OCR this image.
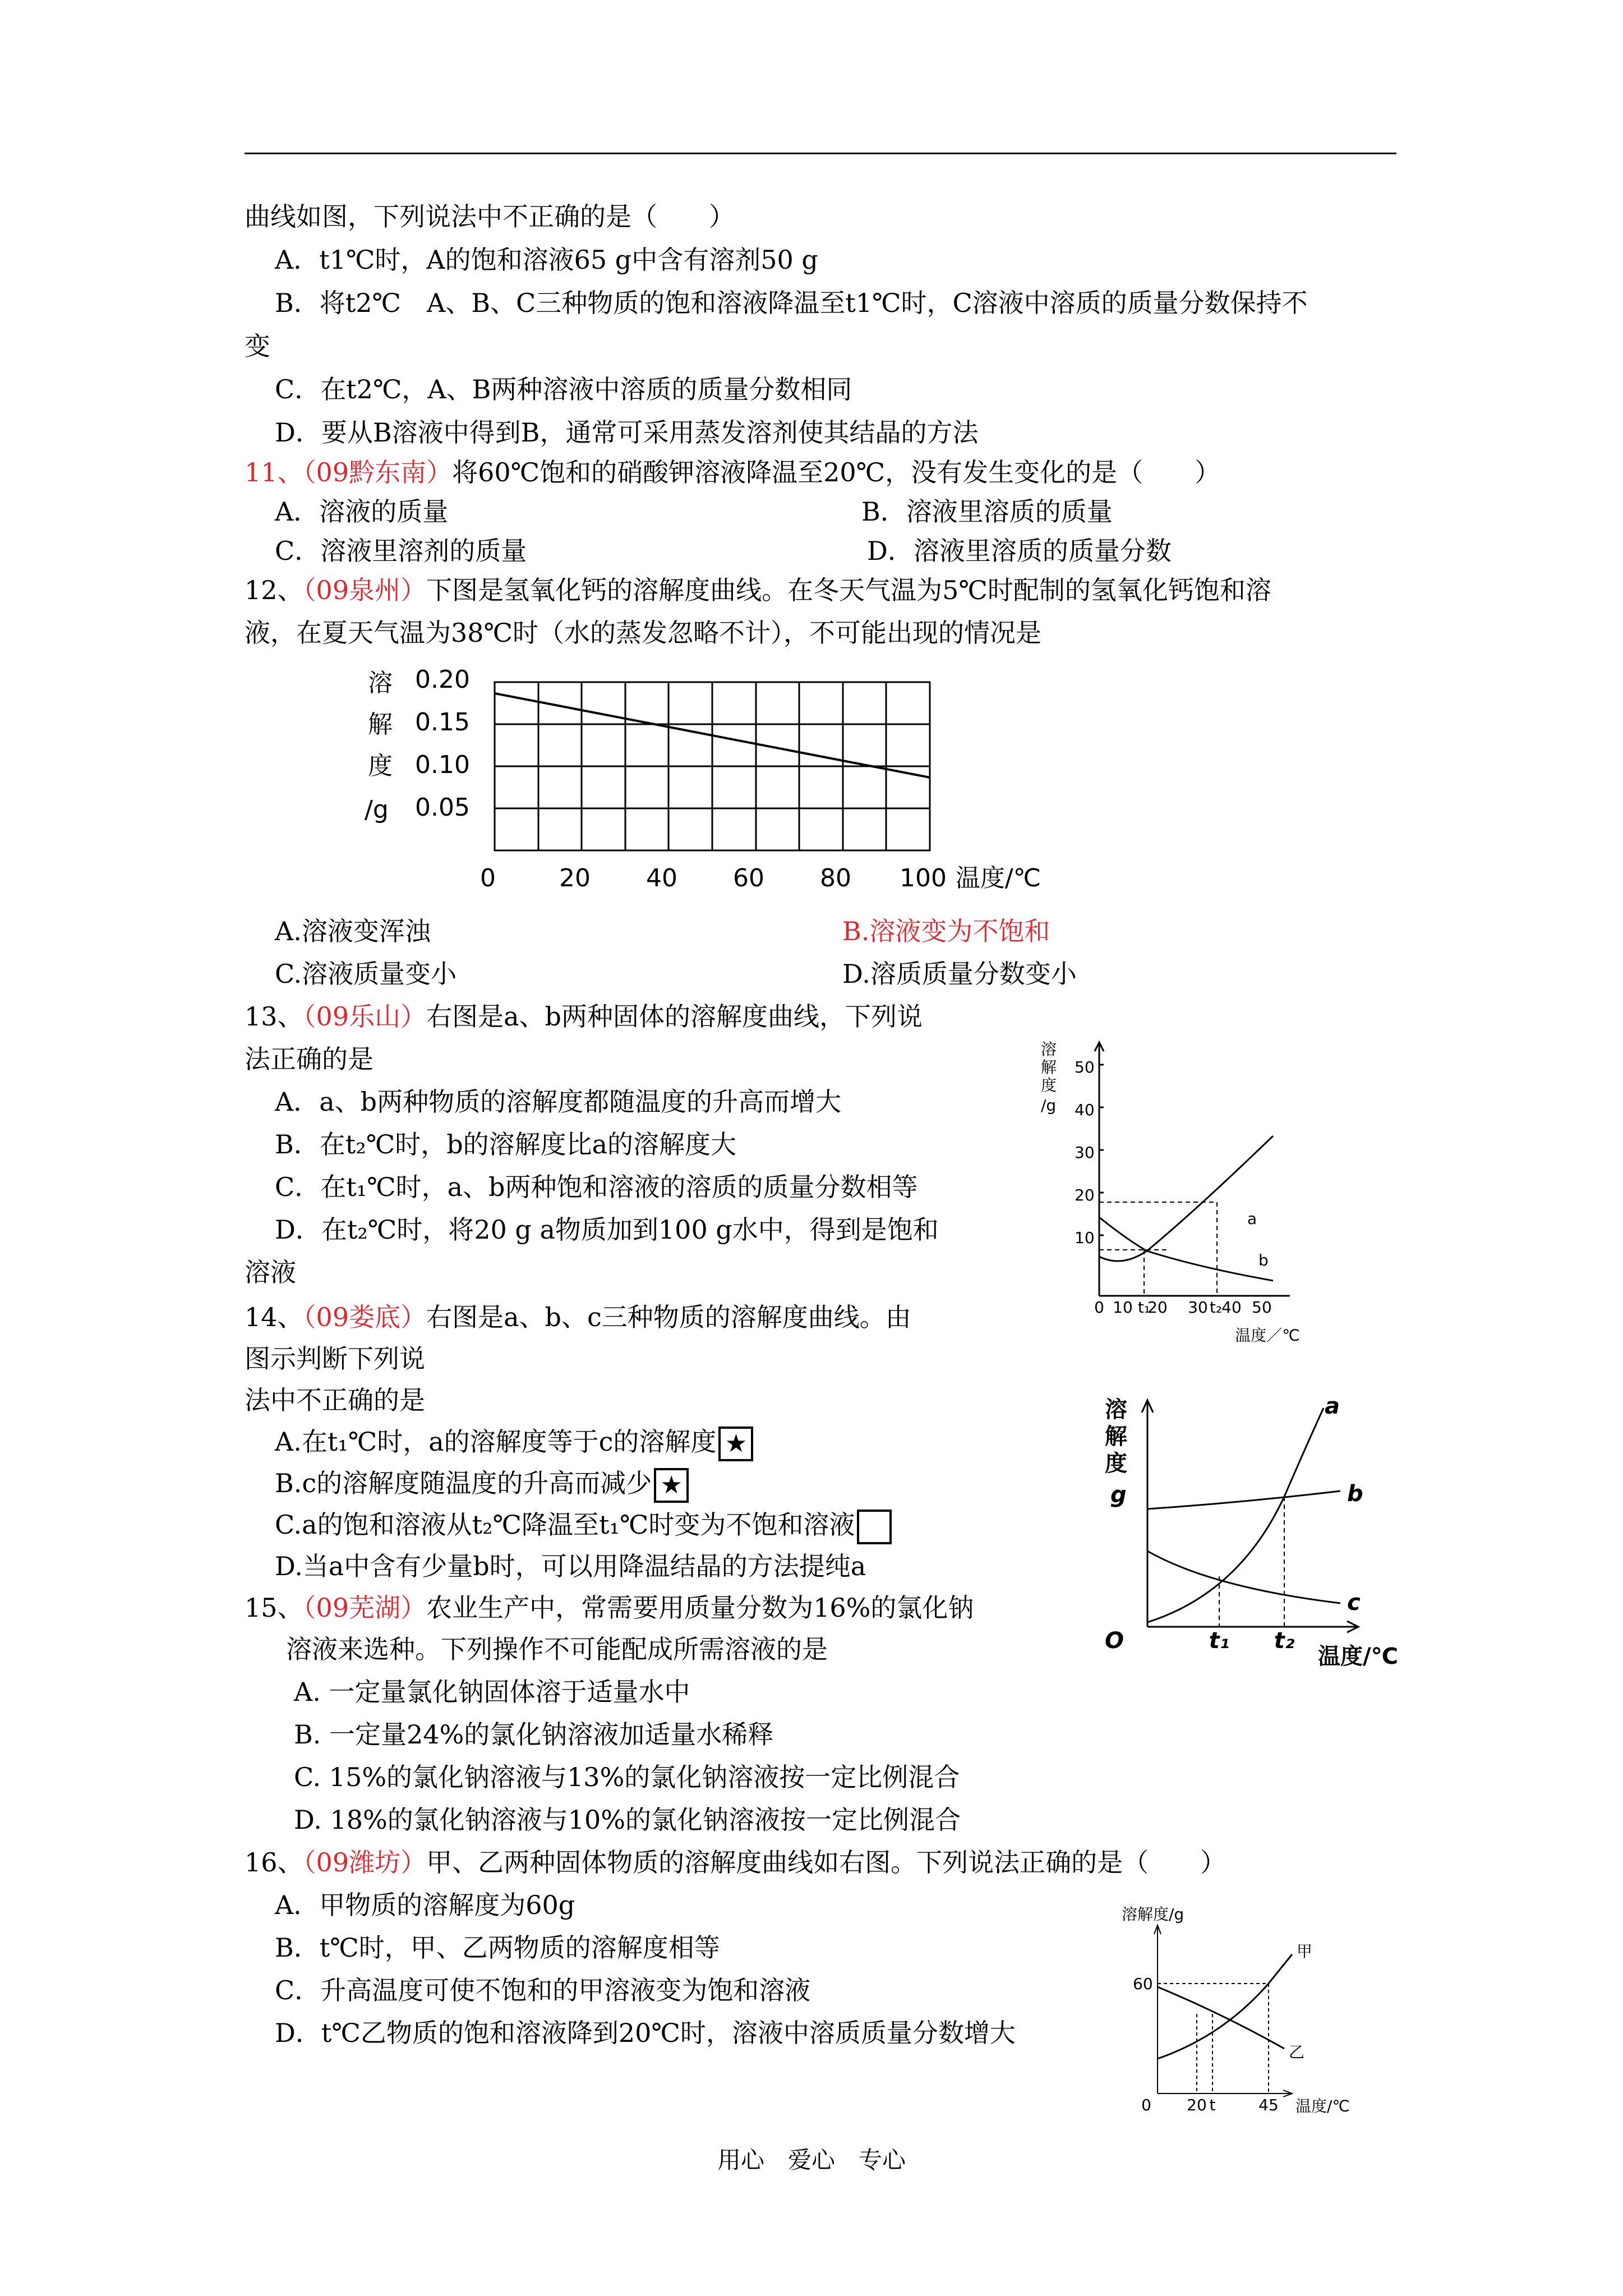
曲线如图，下列说法中不正确的是（　　）
A．t1℃时，A的饱和溶液65 g中含有溶剂50 g
B．将t2℃　A、B、C三种物质的饱和溶液降温至t1℃时，C溶液中溶质的质量分数保持不
变
C．在t2℃，A、B两种溶液中溶质的质量分数相同
D．要从B溶液中得到B，通常可采用蒸发溶剂使其结晶的方法
11、（09黔东南）将60℃饱和的硝酸钾溶液降温至20℃，没有发生变化的是（　　）
A．溶液的质量	B．溶液里溶质的质量
C．溶液里溶剂的质量	D．溶液里溶质的质量分数
12、（09泉州）下图是氢氧化钙的溶解度曲线。在冬天气温为5℃时配制的氢氧化钙饱和溶
液，在夏天气温为38℃时（水的蒸发忽略不计），不可能出现的情况是
溶
解
度
/g
0.20
0.15
0.10
0.05
0	20 40 60 80 100 温度/℃
A.溶液变浑浊	B.溶液变为不饱和
C.溶液质量变小	D.溶质质量分数变小
13、（09乐山）右图是a、b两种固体的溶解度曲线，下列说
法正确的是
A．a、b两种物质的溶解度都随温度的升高而增大
B．在t₂℃时，b的溶解度比a的溶解度大
C．在t₁℃时，a、b两种饱和溶液的溶质的质量分数相等
D．在t₂℃时，将20 g a物质加到100 g水中，得到是饱和
溶液
溶
解
度
/g
50
40
30
20
10
0 10 t₁
20 30 t₂ 40 50
温度／℃
a
b
14、（09娄底）右图是a、b、c三种物质的溶解度曲线。由
图示判断下列说
法中不正确的是
A.在t₁℃时，a的溶解度等于c的溶解度 ★
B.c的溶解度随温度的升高而减少 ★
C.a的饱和溶液从t₂℃降温至t₁℃时变为不饱和溶液
D.当a中含有少量b时，可以用降温结晶的方法提纯a
溶
解
度
g
O	t₁ t₂
温度/℃
a
b
c
15、（09芜湖）农业生产中，常需要用质量分数为16%的氯化钠
溶液来选种。下列操作不可能配成所需溶液的是
A. 一定量氯化钠固体溶于适量水中
B. 一定量24%的氯化钠溶液加适量水稀释
C. 15%的氯化钠溶液与13%的氯化钠溶液按一定比例混合
D. 18%的氯化钠溶液与10%的氯化钠溶液按一定比例混合
16、（09潍坊）甲、乙两种固体物质的溶解度曲线如右图。下列说法正确的是（　　）
A．甲物质的溶解度为60g
B．t℃时，甲、乙两物质的溶解度相等
C．升高温度可使不饱和的甲溶液变为饱和溶液
D．t℃乙物质的饱和溶液降到20℃时，溶液中溶质质量分数增大
溶解度/g
60
0 20 t	45 温度/℃
甲
乙
用心　爱心　专心
